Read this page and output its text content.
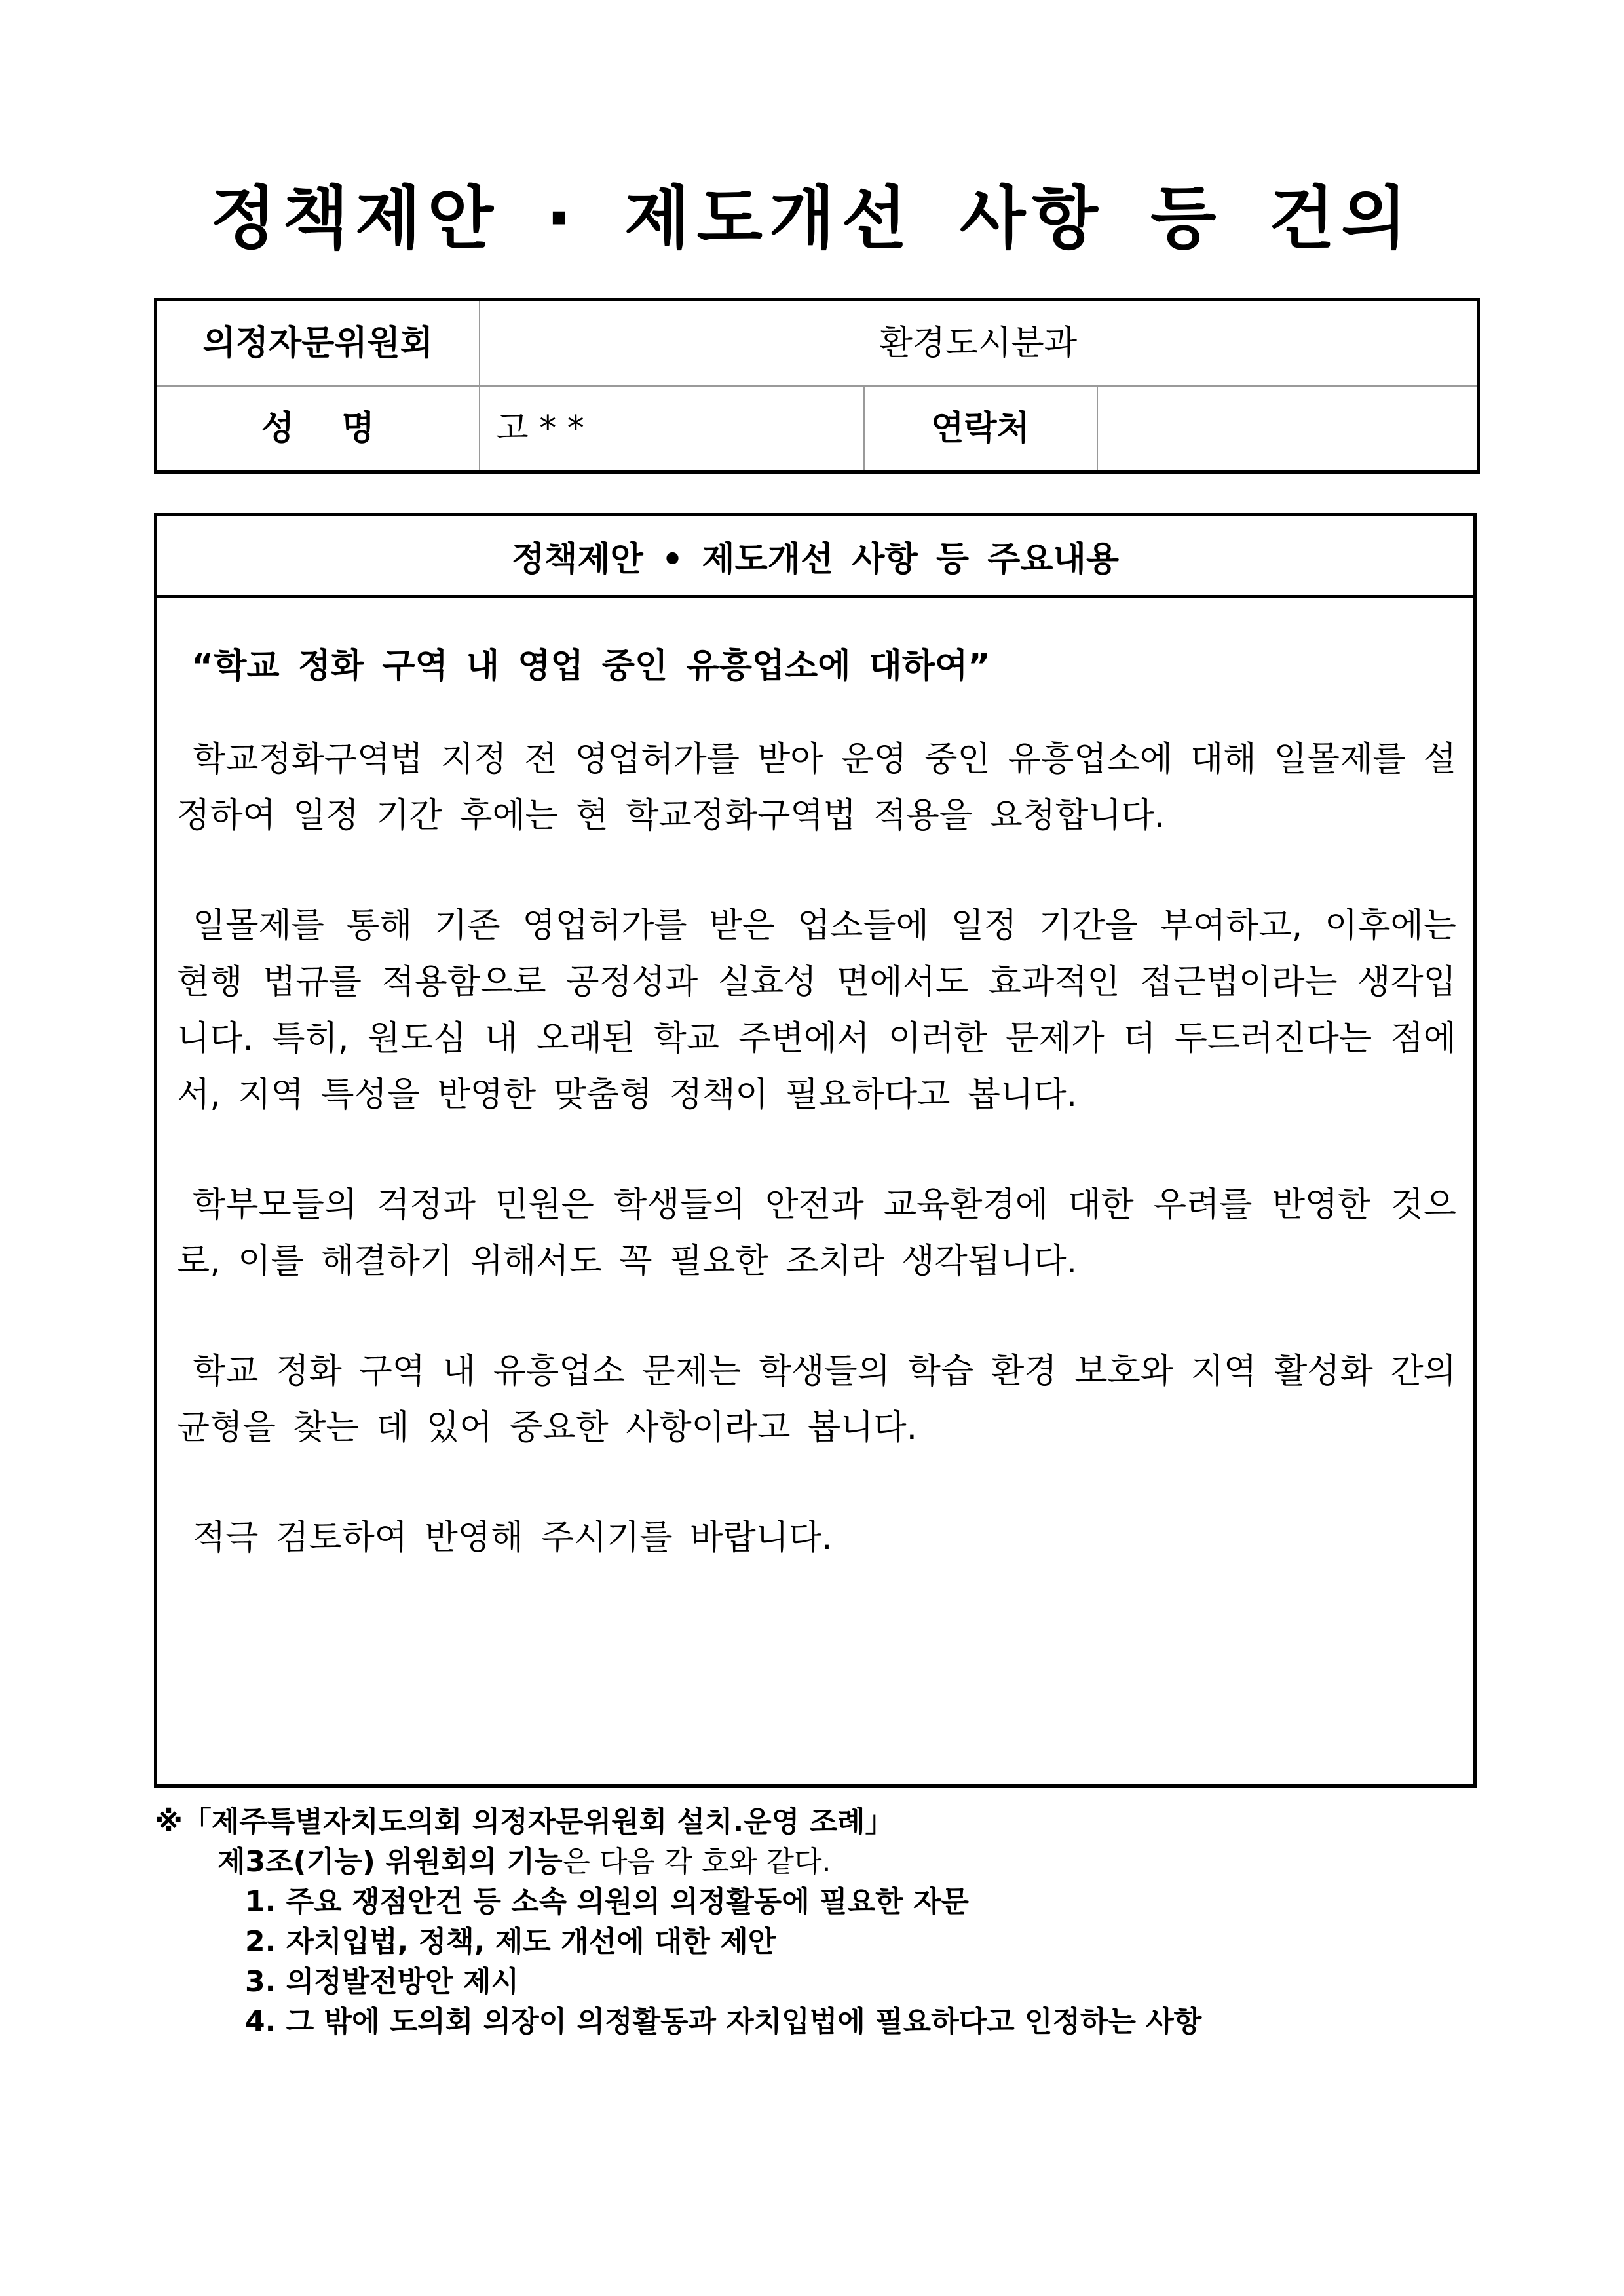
정책제안 · 제도개선 사항 등 건의
의정자문위원회	환경도시분과		
성    명	고 * *	연락처	
정책제안 • 제도개선 사항 등 주요내용

“학교 정화 구역 내 영업 중인 유흥업소에 대하여”

학교정화구역법 지정 전 영업허가를 받아 운영 중인 유흥업소에 대해 일몰제를 설정하여 일정 기간 후에는 현 학교정화구역법 적용을 요청합니다.

일몰제를 통해 기존 영업허가를 받은 업소들에 일정 기간을 부여하고, 이후에는 현행 법규를 적용함으로 공정성과 실효성 면에서도 효과적인 접근법이라는 생각입니다. 특히, 원도심 내 오래된 학교 주변에서 이러한 문제가 더 두드러진다는 점에서, 지역 특성을 반영한 맞춤형 정책이 필요하다고 봅니다.

학부모들의 걱정과 민원은 학생들의 안전과 교육환경에 대한 우려를 반영한 것으로, 이를 해결하기 위해서도 꼭 필요한 조치라 생각됩니다.

학교 정화 구역 내 유흥업소 문제는 학생들의 학습 환경 보호와 지역 활성화 간의 균형을 찾는 데 있어 중요한 사항이라고 봅니다.

적극 검토하여 반영해 주시기를 바랍니다.

※「제주특별자치도의회 의정자문위원회 설치.운영 조례」
제3조(기능) 위원회의 기능은 다음 각 호와 같다.
1. 주요 쟁점안건 등 소속 의원의 의정활동에 필요한 자문
2. 자치입법, 정책, 제도 개선에 대한 제안
3. 의정발전방안 제시
4. 그 밖에 도의회 의장이 의정활동과 자치입법에 필요하다고 인정하는 사항
